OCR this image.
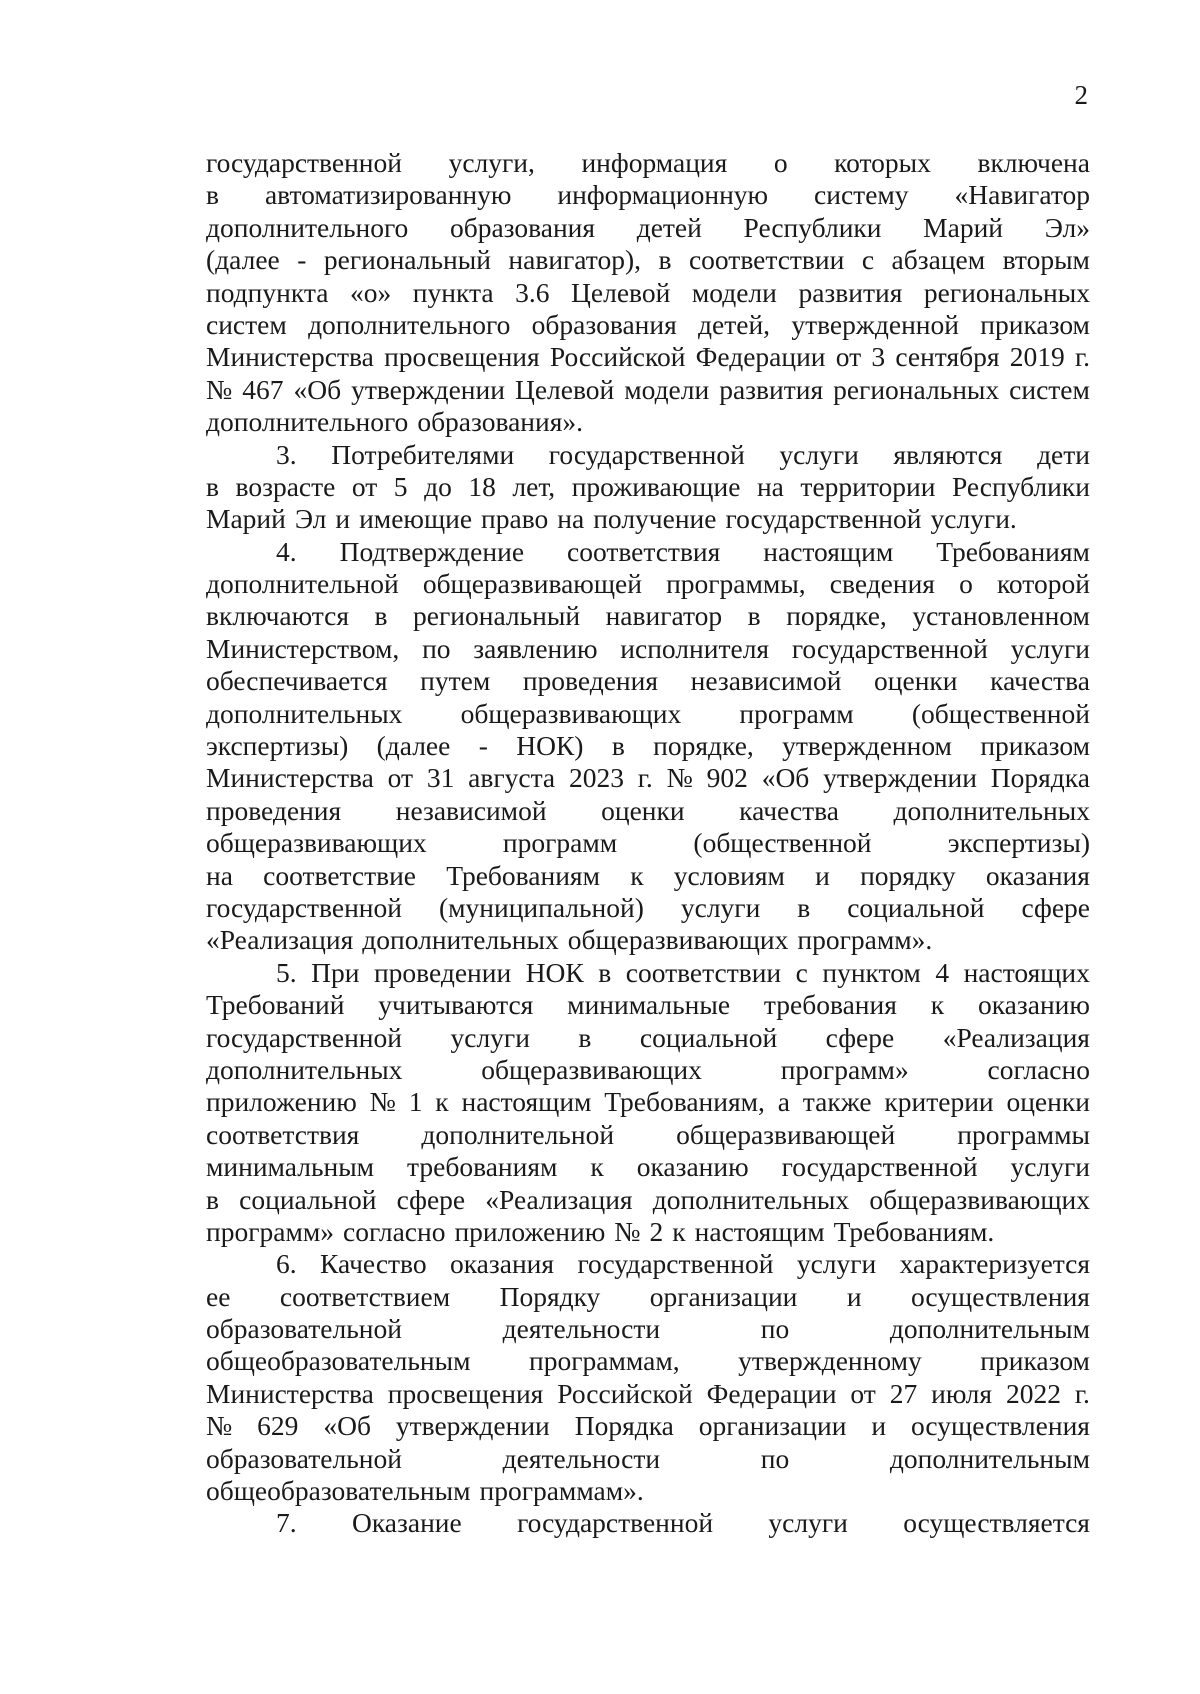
2
государственной услуги, информация о которых включена
в автоматизированную информационную систему «Навигатор
дополнительного образования детей Республики Марий Эл»
(далее - региональный навигатор), в соответствии с абзацем вторым
подпункта «о» пункта 3.6 Целевой модели развития региональных
систем дополнительного образования детей, утвержденной приказом
Министерства просвещения Российской Федерации от 3 сентября 2019 г.
№ 467 «Об утверждении Целевой модели развития региональных систем
дополнительного образования».
3. Потребителями государственной услуги являются дети
в возрасте от 5 до 18 лет, проживающие на территории Республики
Марий Эл и имеющие право на получение государственной услуги.
4. Подтверждение соответствия настоящим Требованиям
дополнительной общеразвивающей программы, сведения о которой
включаются в региональный навигатор в порядке, установленном
Министерством, по заявлению исполнителя государственной услуги
обеспечивается путем проведения независимой оценки качества
дополнительных общеразвивающих программ (общественной
экспертизы) (далее - НОК) в порядке, утвержденном приказом
Министерства от 31 августа 2023 г. № 902 «Об утверждении Порядка
проведения независимой оценки качества дополнительных
общеразвивающих	программ	(общественной	экспертизы)
на соответствие Требованиям к условиям и порядку оказания
государственной (муниципальной) услуги в социальной сфере
«Реализация дополнительных общеразвивающих программ».
5. При проведении НОК в соответствии с пунктом 4 настоящих
Требований учитываются минимальные требования к оказанию
государственной услуги в социальной сфере «Реализация
дополнительных	общеразвивающих	программ»	согласно
приложению № 1 к настоящим Требованиям, а также критерии оценки
соответствия дополнительной общеразвивающей программы
минимальным требованиям к оказанию государственной услуги
в социальной сфере «Реализация дополнительных общеразвивающих
программ» согласно приложению № 2 к настоящим Требованиям.
6. Качество оказания государственной услуги характеризуется
ее соответствием Порядку организации и осуществления
образовательной	деятельности	по	дополнительным
общеобразовательным программам, утвержденному приказом
Министерства просвещения Российской Федерации от 27 июля 2022 г.
№ 629 «Об утверждении Порядка организации и осуществления
образовательной	деятельности	по	дополнительным
общеобразовательным программам».
7. Оказание государственной услуги осуществляется
